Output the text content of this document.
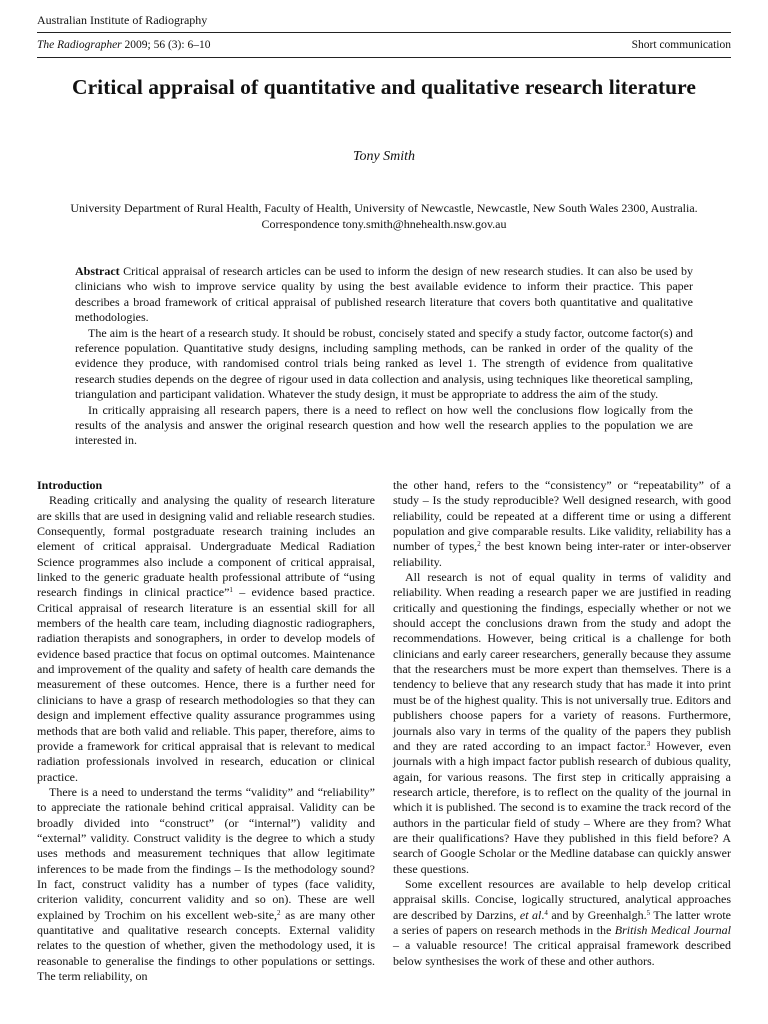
Australian Institute of Radiography
The Radiographer 2009; 56 (3): 6–10	Short communication
Critical appraisal of quantitative and qualitative research literature
Tony Smith
University Department of Rural Health, Faculty of Health, University of Newcastle, Newcastle, New South Wales 2300, Australia.
Correspondence tony.smith@hnehealth.nsw.gov.au

Abstract Critical appraisal of research articles can be used to inform the design of new research studies. It can also be used by clinicians who wish to improve service quality by using the best available evidence to inform their practice. This paper describes a broad framework of critical appraisal of published research literature that covers both quantitative and qualitative methodologies.

The aim is the heart of a research study. It should be robust, concisely stated and specify a study factor, outcome factor(s) and reference population. Quantitative study designs, including sampling methods, can be ranked in order of the quality of the evidence they produce, with randomised control trials being ranked as level 1. The strength of evidence from qualitative research studies depends on the degree of rigour used in data collection and analysis, using techniques like theoretical sampling, triangulation and participant validation. Whatever the study design, it must be appropriate to address the aim of the study.

In critically appraising all research papers, there is a need to reflect on how well the conclusions flow logically from the results of the analysis and answer the original research question and how well the research applies to the population we are interested in.

Introduction

Reading critically and analysing the quality of research literature are skills that are used in designing valid and reliable research studies. Consequently, formal postgraduate research training includes an element of critical appraisal. Undergraduate Medical Radiation Science programmes also include a component of critical appraisal, linked to the generic graduate health professional attribute of “using research findings in clinical practice”$^1$ – evidence based practice. Critical appraisal of research literature is an essential skill for all members of the health care team, including diagnostic radiographers, radiation therapists and sonographers, in order to develop models of evidence based practice that focus on optimal outcomes. Maintenance and improvement of the quality and safety of health care demands the measurement of these outcomes. Hence, there is a further need for clinicians to have a grasp of research methodologies so that they can design and implement effective quality assurance programmes using methods that are both valid and reliable. This paper, therefore, aims to provide a framework for critical appraisal that is relevant to medical radiation professionals involved in research, education or clinical practice.

There is a need to understand the terms “validity” and “reliability” to appreciate the rationale behind critical appraisal. Validity can be broadly divided into “construct” (or “internal”) validity and “external” validity. Construct validity is the degree to which a study uses methods and measurement techniques that allow legitimate inferences to be made from the findings – Is the methodology sound? In fact, construct validity has a number of types (face validity, criterion validity, concurrent validity and so on). These are well explained by Trochim on his excellent web-site,$^2$ as are many other quantitative and qualitative research concepts. External validity relates to the question of whether, given the methodology used, it is reasonable to generalise the findings to other populations or settings. The term reliability, on

the other hand, refers to the “consistency” or “repeatability” of a study – Is the study reproducible? Well designed research, with good reliability, could be repeated at a different time or using a different population and give comparable results. Like validity, reliability has a number of types,$^2$ the best known being inter-rater or inter-observer reliability.

All research is not of equal quality in terms of validity and reliability. When reading a research paper we are justified in reading critically and questioning the findings, especially whether or not we should accept the conclusions drawn from the study and adopt the recommendations. However, being critical is a challenge for both clinicians and early career researchers, generally because they assume that the researchers must be more expert than themselves. There is a tendency to believe that any research study that has made it into print must be of the highest quality. This is not universally true. Editors and publishers choose papers for a variety of reasons. Furthermore, journals also vary in terms of the quality of the papers they publish and they are rated according to an impact factor.$^3$ However, even journals with a high impact factor publish research of dubious quality, again, for various reasons. The first step in critically appraising a research article, therefore, is to reflect on the quality of the journal in which it is published. The second is to examine the track record of the authors in the particular field of study – Where are they from? What are their qualifications? Have they published in this field before? A search of Google Scholar or the Medline database can quickly answer these questions.

Some excellent resources are available to help develop critical appraisal skills. Concise, logically structured, analytical approaches are described by Darzins, et al.$^4$ and by Greenhalgh.$^5$ The latter wrote a series of papers on research methods in the British Medical Journal – a valuable resource! The critical appraisal framework described below synthesises the work of these and other authors.
